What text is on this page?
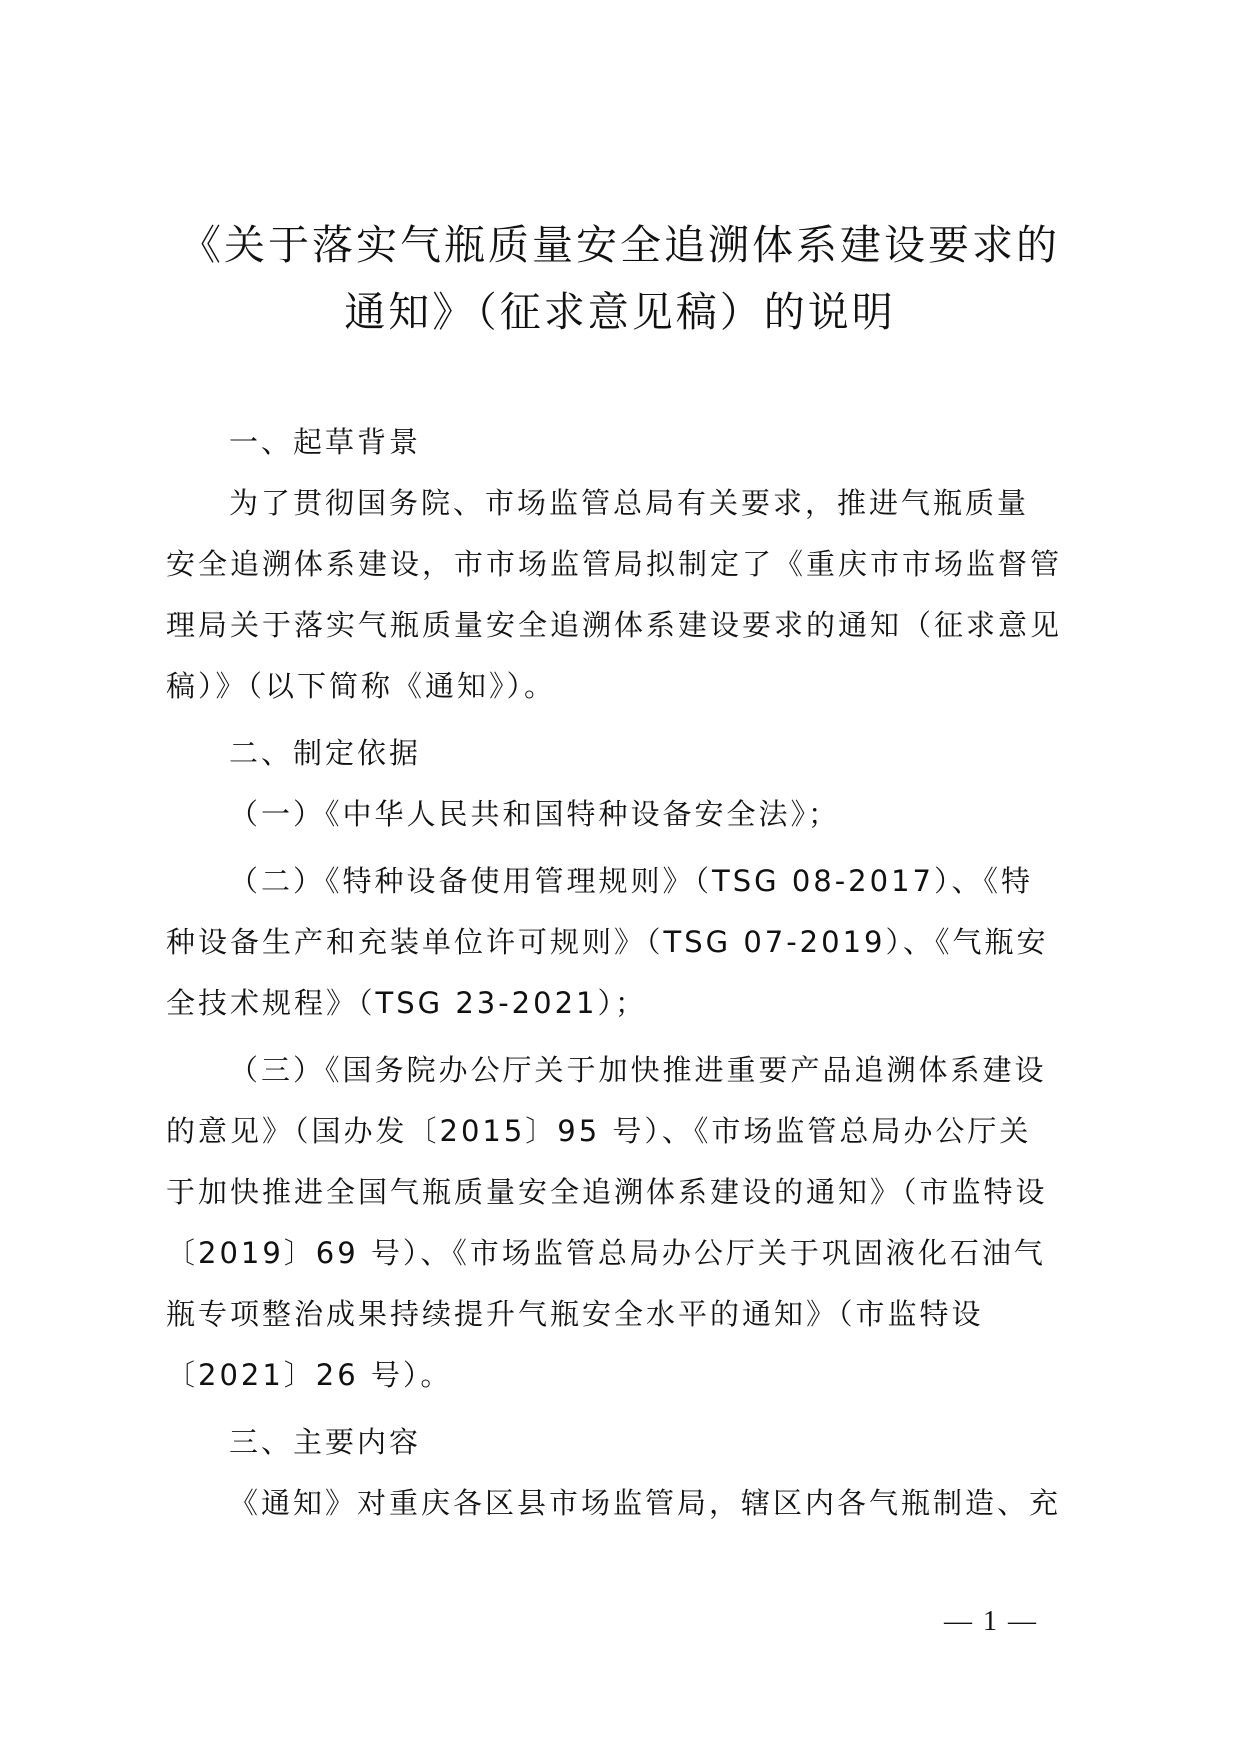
《关于落实气瓶质量安全追溯体系建设要求的
通知》（征求意见稿）的说明
一、起草背景
为了贯彻国务院、市场监管总局有关要求，推进气瓶质量
安全追溯体系建设，市市场监管局拟制定了《重庆市市场监督管
理局关于落实气瓶质量安全追溯体系建设要求的通知（征求意见
稿）》（以下简称《通知》）。
二、制定依据
（一）《中华人民共和国特种设备安全法》；
（二）《特种设备使用管理规则》（TSG 08-2017）、《特
种设备生产和充装单位许可规则》（TSG 07-2019）、《气瓶安
全技术规程》（TSG 23-2021）；
（三）《国务院办公厅关于加快推进重要产品追溯体系建设
的意见》（国办发〔2015〕95 号）、《市场监管总局办公厅关
于加快推进全国气瓶质量安全追溯体系建设的通知》（市监特设
〔2019〕69 号）、《市场监管总局办公厅关于巩固液化石油气
瓶专项整治成果持续提升气瓶安全水平的通知》（市监特设
〔2021〕26 号）。
三、主要内容
《通知》对重庆各区县市场监管局，辖区内各气瓶制造、充
— 1 —
